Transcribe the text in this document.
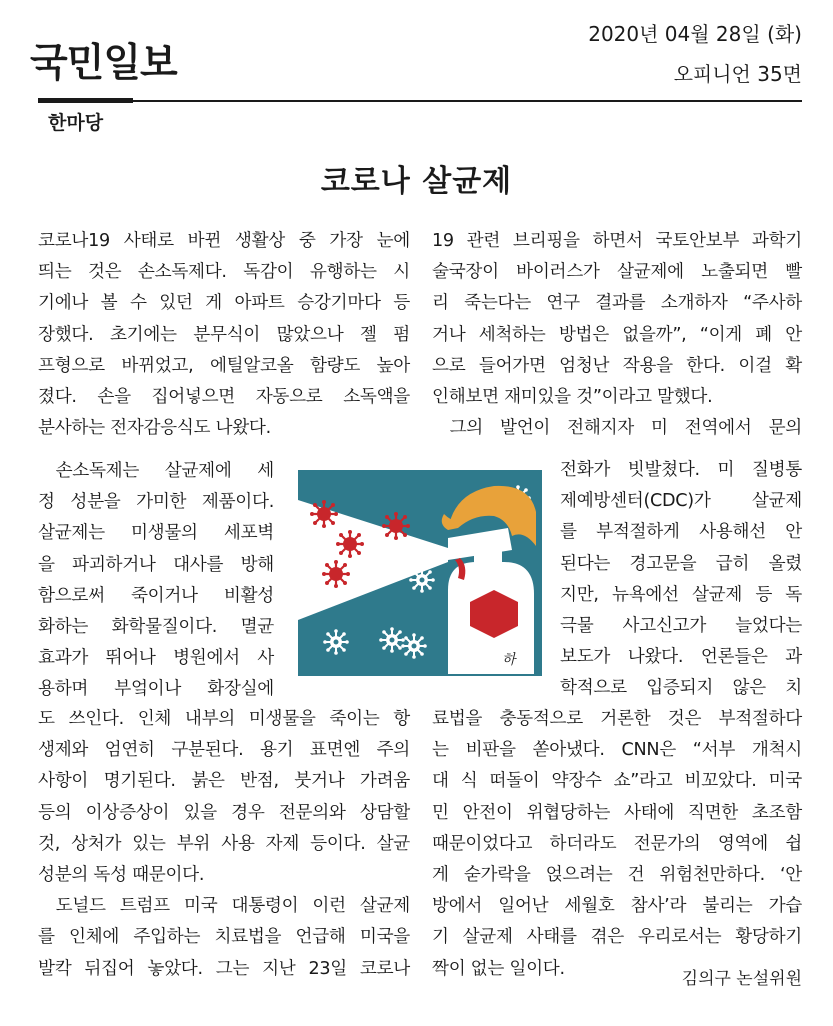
국민일보
2020년 04월 28일 (화)
오피니언 35면
한마당
코로나 살균제

코로나19 사태로 바뀐 생활상 중 가장 눈에

띄는 것은 손소독제다. 독감이 유행하는 시

기에나 볼 수 있던 게 아파트 승강기마다 등

장했다. 초기에는 분무식이 많았으나 젤 펌

프형으로 바뀌었고, 에틸알코올 함량도 높아

졌다. 손을 집어넣으면 자동으로 소독액을

분사하는 전자감응식도 나왔다.

손소독제는 살균제에 세

정 성분을 가미한 제품이다.

살균제는 미생물의 세포벽

을 파괴하거나 대사를 방해

함으로써 죽이거나 비활성

화하는 화학물질이다. 멸균

효과가 뛰어나 병원에서 사

용하며 부엌이나 화장실에

도 쓰인다. 인체 내부의 미생물을 죽이는 항

생제와 엄연히 구분된다. 용기 표면엔 주의

사항이 명기된다. 붉은 반점, 붓거나 가려움

등의 이상증상이 있을 경우 전문의와 상담할

것, 상처가 있는 부위 사용 자제 등이다. 살균

성분의 독성 때문이다.

도널드 트럼프 미국 대통령이 이런 살균제

를 인체에 주입하는 치료법을 언급해 미국을

발칵 뒤집어 놓았다. 그는 지난 23일 코로나

19 관련 브리핑을 하면서 국토안보부 과학기

술국장이 바이러스가 살균제에 노출되면 빨

리 죽는다는 연구 결과를 소개하자 “주사하

거나 세척하는 방법은 없을까”, “이게 폐 안

으로 들어가면 엄청난 작용을 한다. 이걸 확

인해보면 재미있을 것”이라고 말했다.

그의 발언이 전해지자 미 전역에서 문의

전화가 빗발쳤다. 미 질병통

제예방센터(CDC)가 살균제

를 부적절하게 사용해선 안

된다는 경고문을 급히 올렸

지만, 뉴욕에선 살균제 등 독

극물 사고신고가 늘었다는

보도가 나왔다. 언론들은 과

학적으로 입증되지 않은 치

료법을 충동적으로 거론한 것은 부적절하다

는 비판을 쏟아냈다. CNN은 “서부 개척시

대 식 떠돌이 약장수 쇼”라고 비꼬았다. 미국

민 안전이 위협당하는 사태에 직면한 초조함

때문이었다고 하더라도 전문가의 영역에 쉽

게 숟가락을 얹으려는 건 위험천만하다. ‘안

방에서 일어난 세월호 참사’라 불리는 가습

기 살균제 사태를 겪은 우리로서는 황당하기

짝이 없는 일이다.

김의구 논설위원
하
